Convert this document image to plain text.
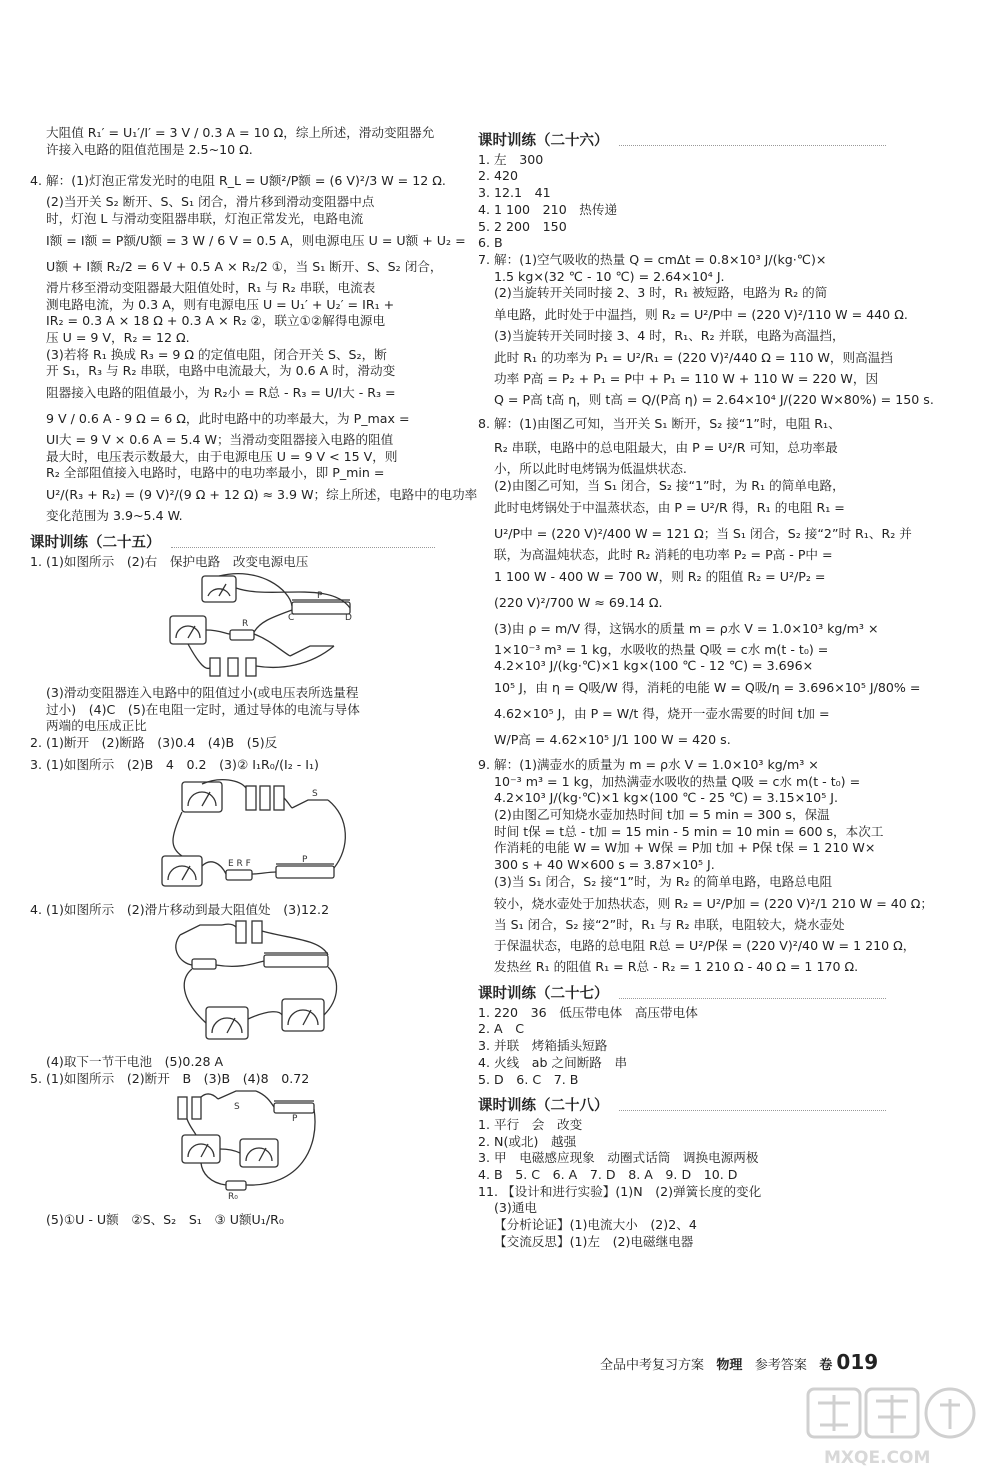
大阻值 R₁′ = U₁′/I′ = 3 V / 0.3 A = 10 Ω，综上所述，滑动变阻器允
许接入电路的阻值范围是 2.5~10 Ω.
4. 解：(1)灯泡正常发光时的电阻 R_L = U额²/P额 = (6 V)²/3 W = 12 Ω.
(2)当开关 S₂ 断开、S、S₁ 闭合，滑片移到滑动变阻器中点
时，灯泡 L 与滑动变阻器串联，灯泡正常发光，电路电流
I额 = I额 = P额/U额 = 3 W / 6 V = 0.5 A，则电源电压 U = U额 + U₂ =
U额 + I额 R₂/2 = 6 V + 0.5 A × R₂/2 ①，当 S₁ 断开、S、S₂ 闭合，
滑片移至滑动变阻器最大阻值处时，R₁ 与 R₂ 串联，电流表
测电路电流，为 0.3 A，则有电源电压 U = U₁′ + U₂′ = IR₁ +
IR₂ = 0.3 A × 18 Ω + 0.3 A × R₂ ②，联立①②解得电源电
压 U = 9 V，R₂ = 12 Ω.
(3)若将 R₁ 换成 R₃ = 9 Ω 的定值电阻，闭合开关 S、S₂，断
开 S₁，R₃ 与 R₂ 串联，电路中电流最大，为 0.6 A 时，滑动变
阻器接入电路的阻值最小，为 R₂小 = R总 - R₃ = U/I大 - R₃ =
9 V / 0.6 A - 9 Ω = 6 Ω，此时电路中的功率最大，为 P_max =
UI大 = 9 V × 0.6 A = 5.4 W；当滑动变阻器接入电路的阻值
最大时，电压表示数最大，由于电源电压 U = 9 V < 15 V，则
R₂ 全部阻值接入电路时，电路中的电功率最小，即 P_min =
U²/(R₃ + R₂) = (9 V)²/(9 Ω + 12 Ω) ≈ 3.9 W；综上所述，电路中的电功率
变化范围为 3.9~5.4 W.
课时训练（二十五）
1. (1)如图所示　(2)右　保护电路　改变电源电压
P
C	D
R
(3)滑动变阻器连入电路中的阻值过小(或电压表所选量程
过小)　(4)C　(5)在电阻一定时，通过导体的电流与导体
两端的电压成正比
2. (1)断开　(2)断路　(3)0.4　(4)B　(5)反
3. (1)如图所示　(2)B　4　0.2　(3)② I₁R₀/(I₂ - I₁)
S
E R F	P
4. (1)如图所示　(2)滑片移动到最大阻值处　(3)12.2
(4)取下一节干电池　(5)0.28 A
5. (1)如图所示　(2)断开　B　(3)B　(4)8　0.72
S
P
R₀
(5)①U - U额　②S、S₂　S₁　③ U额U₁/R₀
课时训练（二十六）
1. 左　300
2. 420
3. 12.1　41
4. 1 100　210　热传递
5. 2 200　150
6. B
7. 解：(1)空气吸收的热量 Q = cmΔt = 0.8×10³ J/(kg·℃)×
1.5 kg×(32 ℃ - 10 ℃) = 2.64×10⁴ J.
(2)当旋转开关同时接 2、3 时，R₁ 被短路，电路为 R₂ 的简
单电路，此时处于中温挡，则 R₂ = U²/P中 = (220 V)²/110 W = 440 Ω.
(3)当旋转开关同时接 3、4 时，R₁、R₂ 并联，电路为高温挡，
此时 R₁ 的功率为 P₁ = U²/R₁ = (220 V)²/440 Ω = 110 W，则高温挡
功率 P高 = P₂ + P₁ = P中 + P₁ = 110 W + 110 W = 220 W，因
Q = P高 t高 η，则 t高 = Q/(P高 η) = 2.64×10⁴ J/(220 W×80%) = 150 s.
8. 解：(1)由图乙可知，当开关 S₁ 断开，S₂ 接“1”时，电阻 R₁、
R₂ 串联，电路中的总电阻最大，由 P = U²/R 可知，总功率最
小，所以此时电烤锅为低温烘状态.
(2)由图乙可知，当 S₁ 闭合，S₂ 接“1”时，为 R₁ 的简单电路，
此时电烤锅处于中温蒸状态，由 P = U²/R 得，R₁ 的电阻 R₁ =
U²/P中 = (220 V)²/400 W = 121 Ω；当 S₁ 闭合，S₂ 接“2”时 R₁、R₂ 并
联，为高温炖状态，此时 R₂ 消耗的电功率 P₂ = P高 - P中 =
1 100 W - 400 W = 700 W，则 R₂ 的阻值 R₂ = U²/P₂ =
(220 V)²/700 W ≈ 69.14 Ω.
(3)由 ρ = m/V 得，这锅水的质量 m = ρ水 V = 1.0×10³ kg/m³ ×
1×10⁻³ m³ = 1 kg，水吸收的热量 Q吸 = c水 m(t - t₀) =
4.2×10³ J/(kg·℃)×1 kg×(100 ℃ - 12 ℃) = 3.696×
10⁵ J，由 η = Q吸/W 得，消耗的电能 W = Q吸/η = 3.696×10⁵ J/80% =
4.62×10⁵ J，由 P = W/t 得，烧开一壶水需要的时间 t加 =
W/P高 = 4.62×10⁵ J/1 100 W = 420 s.
9. 解：(1)满壶水的质量为 m = ρ水 V = 1.0×10³ kg/m³ ×
10⁻³ m³ = 1 kg，加热满壶水吸收的热量 Q吸 = c水 m(t - t₀) =
4.2×10³ J/(kg·℃)×1 kg×(100 ℃ - 25 ℃) = 3.15×10⁵ J.
(2)由图乙可知烧水壶加热时间 t加 = 5 min = 300 s，保温
时间 t保 = t总 - t加 = 15 min - 5 min = 10 min = 600 s，本次工
作消耗的电能 W = W加 + W保 = P加 t加 + P保 t保 = 1 210 W×
300 s + 40 W×600 s = 3.87×10⁵ J.
(3)当 S₁ 闭合，S₂ 接“1”时，为 R₂ 的简单电路，电路总电阻
较小，烧水壶处于加热状态，则 R₂ = U²/P加 = (220 V)²/1 210 W = 40 Ω；
当 S₁ 闭合，S₂ 接“2”时，R₁ 与 R₂ 串联，电阻较大，烧水壶处
于保温状态，电路的总电阻 R总 = U²/P保 = (220 V)²/40 W = 1 210 Ω，
发热丝 R₁ 的阻值 R₁ = R总 - R₂ = 1 210 Ω - 40 Ω = 1 170 Ω.
课时训练（二十七）
1. 220　36　低压带电体　高压带电体
2. A　C
3. 并联　烤箱插头短路
4. 火线　ab 之间断路　串
5. D　6. C　7. B
课时训练（二十八）
1. 平行　会　改变
2. N(或北)　越强
3. 甲　电磁感应现象　动圈式话筒　调换电源两极
4. B　5. C　6. A　7. D　8. A　9. D　10. D
11. 【设计和进行实验】(1)N　(2)弹簧长度的变化
(3)通电
【分析论证】(1)电流大小　(2)2、4
【交流反思】(1)左　(2)电磁继电器
全品中考复习方案 物理 参考答案 卷 019
MXQE.COM
